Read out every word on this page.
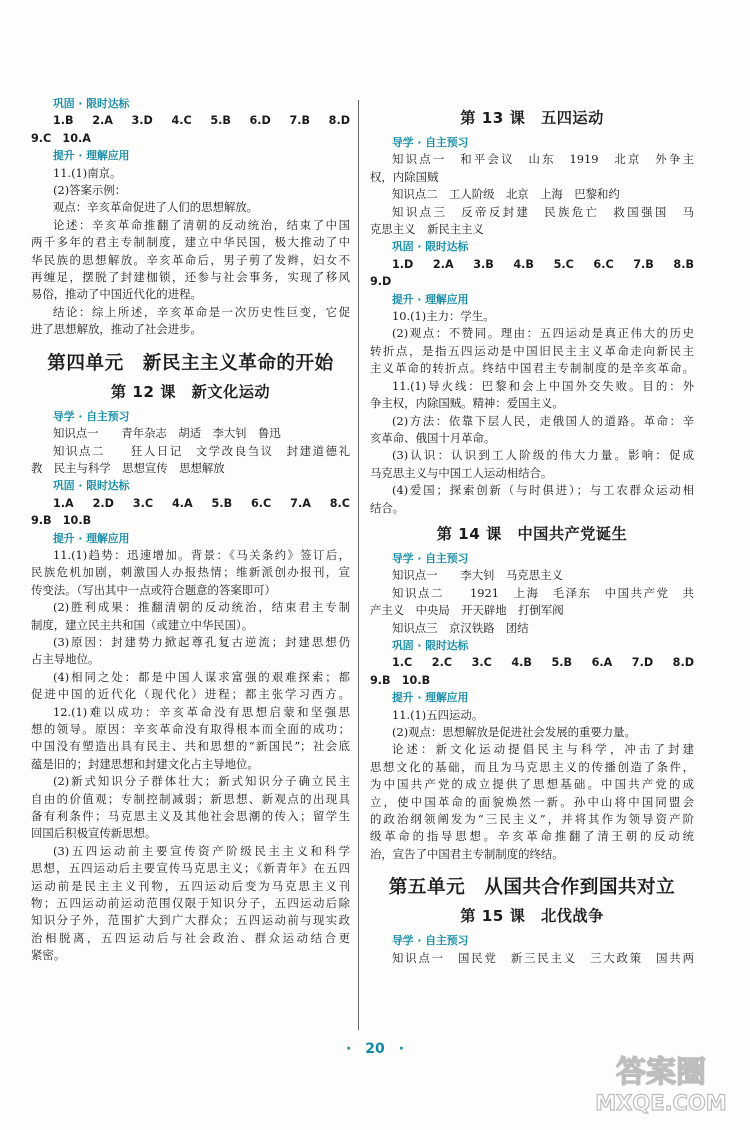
巩固 · 限时达标
1.B　2.A　3.D　4.C　5.B　6.D　7.B　8.D
9.C　10.A
提升 · 理解应用
11.(1)南京。
(2)答案示例：
观点：辛亥革命促进了人们的思想解放。
论述：辛亥革命推翻了清朝的反动统治，结束了中国
两千多年的君主专制制度，建立中华民国，极大推动了中
华民族的思想解放。辛亥革命后，男子剪了发辫，妇女不
再缠足，摆脱了封建枷锁，还参与社会事务，实现了移风
易俗，推动了中国近代化的进程。
结论：综上所述，辛亥革命是一次历史性巨变，它促
进了思想解放，推动了社会进步。
第四单元　新民主主义革命的开始
第 12 课　新文化运动
导学 · 自主预习
知识点一　　青年杂志　胡适　李大钊　鲁迅
知识点二　　狂人日记　文学改良刍议　封建道德礼
教　民主与科学　思想宣传　思想解放
巩固 · 限时达标
1.A　2.D　3.C　4.A　5.B　6.C　7.A　8.C
9.B　10.B
提升 · 理解应用
11.(1)趋势：迅速增加。背景：《马关条约》签订后，
民族危机加剧，刺激国人办报热情；维新派创办报刊，宣
传变法。（写出其中一点或符合题意的答案即可）
(2)胜利成果：推翻清朝的反动统治，结束君主专制
制度，建立民主共和国（或建立中华民国）。
(3)原因：封建势力掀起尊孔复古逆流；封建思想仍
占主导地位。
(4)相同之处：都是中国人谋求富强的艰难探索；都
促进中国的近代化（现代化）进程；都主张学习西方。
12.(1)难以成功：辛亥革命没有思想启蒙和坚强思
想的领导。原因：辛亥革命没有取得根本而全面的成功；
中国没有塑造出具有民主、共和思想的“新国民”；社会底
蕴是旧的；封建思想和封建文化占主导地位。
(2)新式知识分子群体壮大；新式知识分子确立民主
自由的价值观；专制控制减弱；新思想、新观点的出现具
备有利条件；马克思主义及其他社会思潮的传入；留学生
回国后积极宣传新思想。
(3)五四运动前主要宣传资产阶级民主主义和科学
思想，五四运动后主要宣传马克思主义；《新青年》在五四
运动前是民主主义刊物，五四运动后变为马克思主义刊
物；五四运动前运动范围仅限于知识分子，五四运动后除
知识分子外，范围扩大到广大群众；五四运动前与现实政
治相脱离，五四运动后与社会政治、群众运动结合更
紧密。
第 13 课　五四运动
导学 · 自主预习
知识点一　和平会议　山东　1919　北京　外争主
权，内除国贼
知识点二　工人阶级　北京　上海　巴黎和约
知识点三　反帝反封建　民族危亡　救国强国　马
克思主义　新民主主义
巩固 · 限时达标
1.D　2.A　3.B　4.B　5.C　6.C　7.B　8.B
9.D
提升 · 理解应用
10.(1)主力：学生。
(2)观点：不赞同。理由：五四运动是真正伟大的历史
转折点，是指五四运动是中国旧民主主义革命走向新民主
主义革命的转折点。终结中国君主专制制度的是辛亥革命。
11.(1)导火线：巴黎和会上中国外交失败。目的：外
争主权，内除国贼。精神：爱国主义。
(2)方法：依靠下层人民，走俄国人的道路。革命：辛
亥革命、俄国十月革命。
(3)认识：认识到工人阶级的伟大力量。影响：促成
马克思主义与中国工人运动相结合。
(4)爱国；探索创新（与时俱进）；与工农群众运动相
结合。
第 14 课　中国共产党诞生
导学 · 自主预习
知识点一　　李大钊　马克思主义
知识点二　　1921　上海　毛泽东　中国共产党　共
产主义　中央局　开天辟地　打倒军阀
知识点三　京汉铁路　团结
巩固 · 限时达标
1.C　2.C　3.C　4.B　5.B　6.A　7.D　8.D
9.B　10.B
提升 · 理解应用
11.(1)五四运动。
(2)观点：思想解放是促进社会发展的重要力量。
论述：新文化运动提倡民主与科学，冲击了封建
思想文化的基础，而且为马克思主义的传播创造了条件，
为中国共产党的成立提供了思想基础。中国共产党的成
立，使中国革命的面貌焕然一新。孙中山将中国同盟会
的政治纲领阐发为“三民主义”，并将其作为领导资产阶
级革命的指导思想。辛亥革命推翻了清王朝的反动统
治，宣告了中国君主专制制度的终结。
第五单元　从国共合作到国共对立
第 15 课　北伐战争
导学 · 自主预习
知识点一　国民党　新三民主义　三大政策　国共两
·　20　·
答案圈
MXQE.COM
